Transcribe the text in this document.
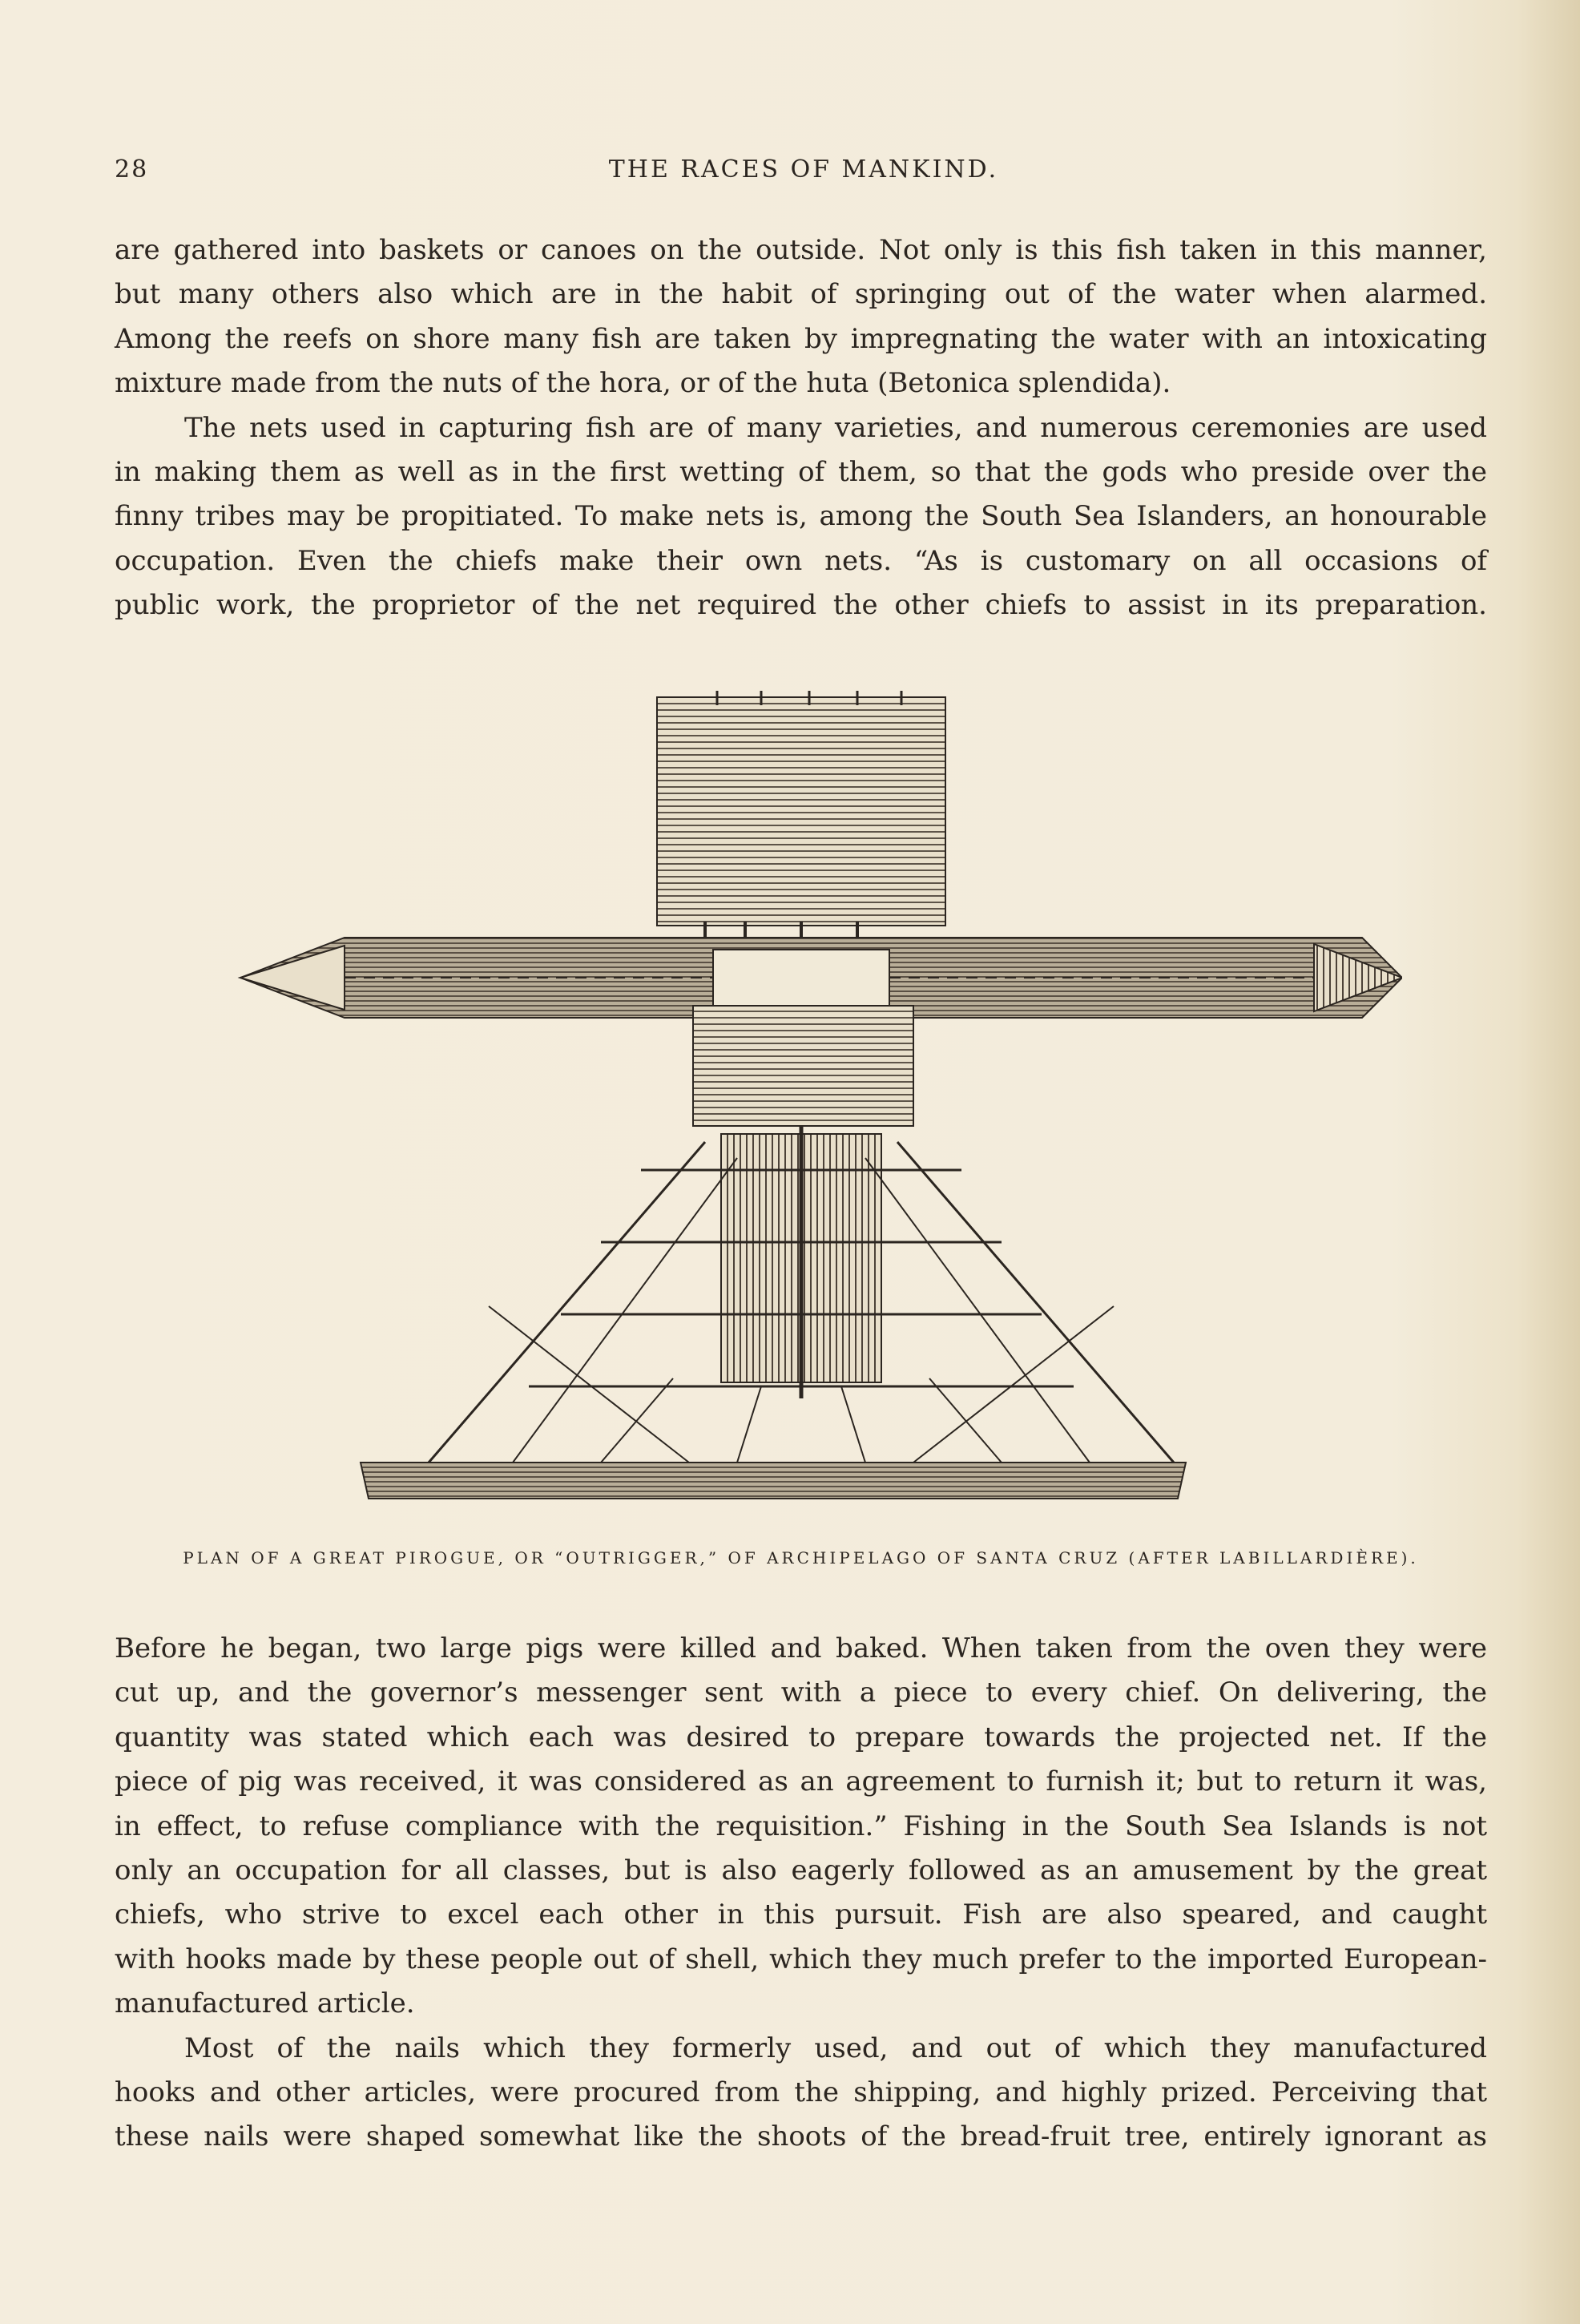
28	THE RACES OF MANKIND.
are gathered into baskets or canoes on the outside. Not only is this fish taken in this manner,
but many others also which are in the habit of springing out of the water when alarmed.
Among the reefs on shore many fish are taken by impregnating the water with an intoxicating
mixture made from the nuts of the hora, or of the huta (Betonica splendida).
The nets used in capturing fish are of many varieties, and numerous ceremonies are used
in making them as well as in the first wetting of them, so that the gods who preside over the
finny tribes may be propitiated. To make nets is, among the South Sea Islanders, an honourable
occupation. Even the chiefs make their own nets. “As is customary on all occasions of
public work, the proprietor of the net required the other chiefs to assist in its preparation.
PLAN OF A GREAT PIROGUE, OR “OUTRIGGER,” OF ARCHIPELAGO OF SANTA CRUZ (AFTER LABILLARDIÈRE).
Before he began, two large pigs were killed and baked. When taken from the oven they were
cut up, and the governor’s messenger sent with a piece to every chief. On delivering, the
quantity was stated which each was desired to prepare towards the projected net. If the
piece of pig was received, it was considered as an agreement to furnish it; but to return it was,
in effect, to refuse compliance with the requisition.” Fishing in the South Sea Islands is not
only an occupation for all classes, but is also eagerly followed as an amusement by the great
chiefs, who strive to excel each other in this pursuit. Fish are also speared, and caught
with hooks made by these people out of shell, which they much prefer to the imported European-
manufactured article.
Most of the nails which they formerly used, and out of which they manufactured
hooks and other articles, were procured from the shipping, and highly prized. Perceiving that
these nails were shaped somewhat like the shoots of the bread-fruit tree, entirely ignorant as
